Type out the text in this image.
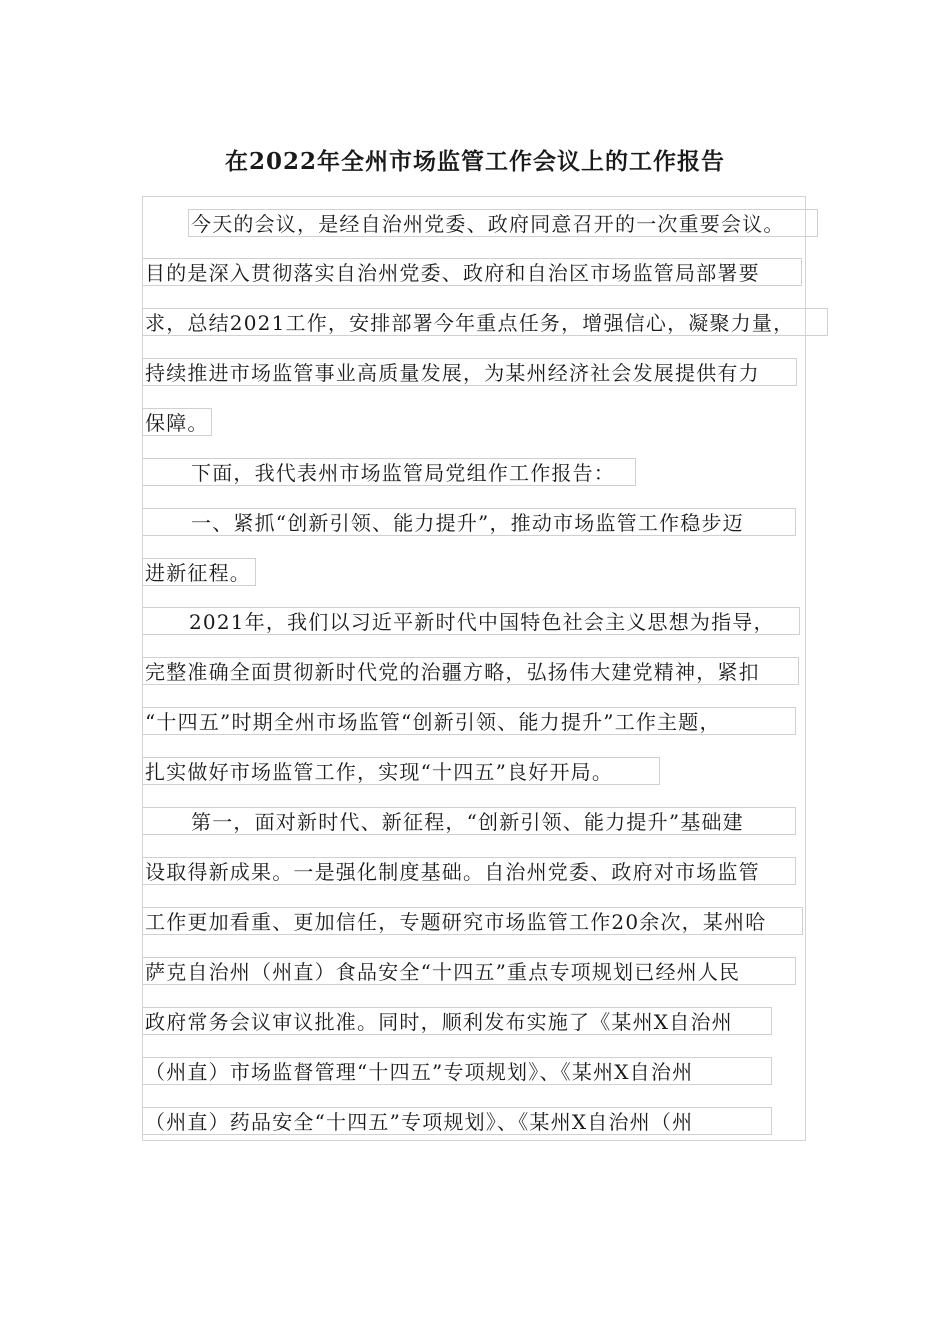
在2022年全州市场监管工作会议上的工作报告
今天的会议，是经自治州党委、政府同意召开的一次重要会议。
目的是深入贯彻落实自治州党委、政府和自治区市场监管局部署要
求，总结2021工作，安排部署今年重点任务，增强信心，凝聚力量，
持续推进市场监管事业高质量发展，为某州经济社会发展提供有力
保障。
下面，我代表州市场监管局党组作工作报告：
一、紧抓“创新引领、能力提升”，推动市场监管工作稳步迈
进新征程。
2021年，我们以习近平新时代中国特色社会主义思想为指导，
完整准确全面贯彻新时代党的治疆方略，弘扬伟大建党精神，紧扣
“十四五”时期全州市场监管“创新引领、能力提升”工作主题，
扎实做好市场监管工作，实现“十四五”良好开局。
第一，面对新时代、新征程，“创新引领、能力提升”基础建
设取得新成果。一是强化制度基础。自治州党委、政府对市场监管
工作更加看重、更加信任，专题研究市场监管工作20余次，某州哈
萨克自治州（州直）食品安全“十四五”重点专项规划已经州人民
政府常务会议审议批准。同时，顺利发布实施了《某州X自治州
（州直）市场监督管理“十四五”专项规划》、《某州X自治州
（州直）药品安全“十四五”专项规划》、《某州X自治州（州
